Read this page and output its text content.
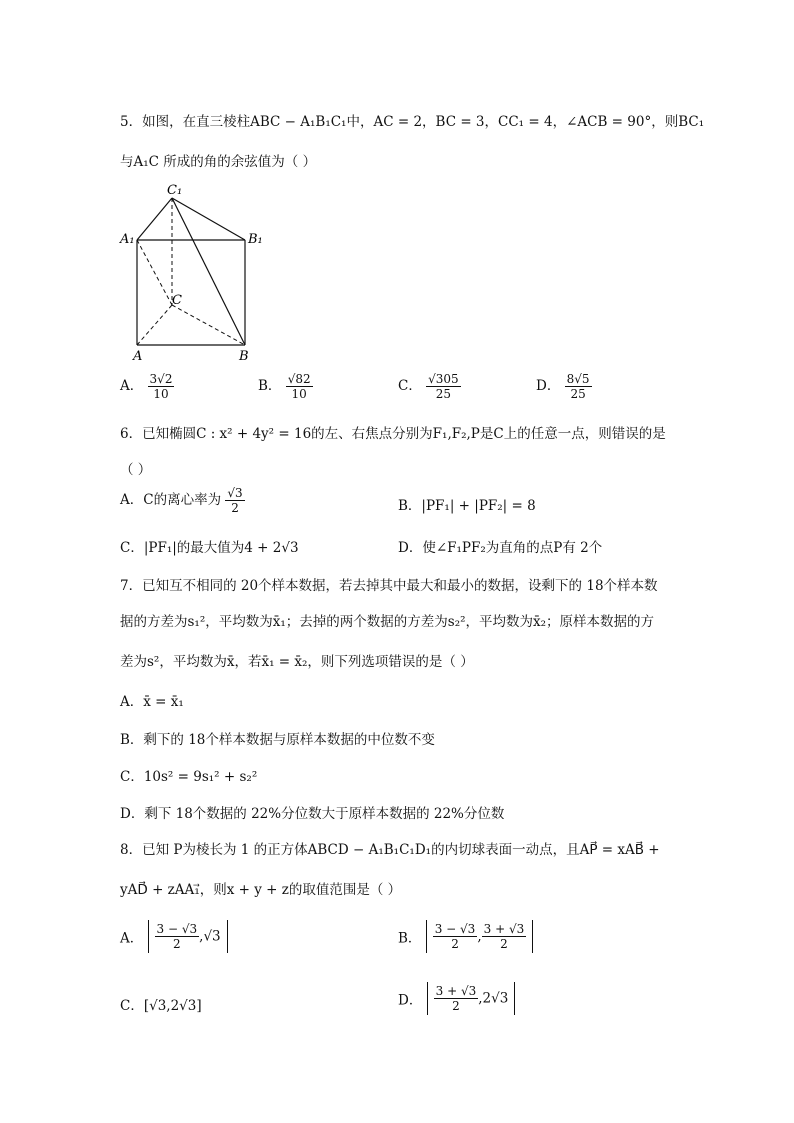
5．如图，在直三棱柱ABC − A₁B₁C₁中，AC = 2，BC = 3，CC₁ = 4，∠ACB = 90°，则BC₁
与A₁C 所成的角的余弦值为（ ）
C₁
A₁	B₁
C
A	B
A． $\frac{3√2}{10}$	B． $\frac{√82}{10}$	C． $\frac{√305}{25}$	D． $\frac{8√5}{25}$
6．已知椭圆C : x² + 4y² = 16的左、右焦点分别为F₁,F₂,P是C上的任意一点，则错误的是
（ ）
A．C的离心率为 $\frac{√3}{2}$	B．|PF₁| + |PF₂| = 8
C．|PF₁|的最大值为4 + 2√3	D．使∠F₁PF₂为直角的点P有 2个
7．已知互不相同的 20个样本数据，若去掉其中最大和最小的数据，设剩下的 18个样本数
据的方差为s₁²，平均数为x̄₁；去掉的两个数据的方差为s₂²，平均数为x̄₂；原样本数据的方
差为s²，平均数为x̄，若x̄₁ = x̄₂，则下列选项错误的是（ ）
A．x̄ = x̄₁
B．剩下的 18个样本数据与原样本数据的中位数不变
C．10s² = 9s₁² + s₂²
D．剩下 18个数据的 22%分位数大于原样本数据的 22%分位数
8．已知 P为棱长为 1 的正方体ABCD − A₁B₁C₁D₁的内切球表面一动点，且AP⃗ = xAB⃗ +
yAD⃗ + zAA₁⃗，则x + y + z的取值范围是（ ）
A． $\frac{3 - √3}{2} ,√3$	B． $\frac{3 - √3}{2}$ , $\frac{3 + √3}{2}$
C．[√3,2√3]	D． $\frac{3 + √3}{2} ,2√3$
